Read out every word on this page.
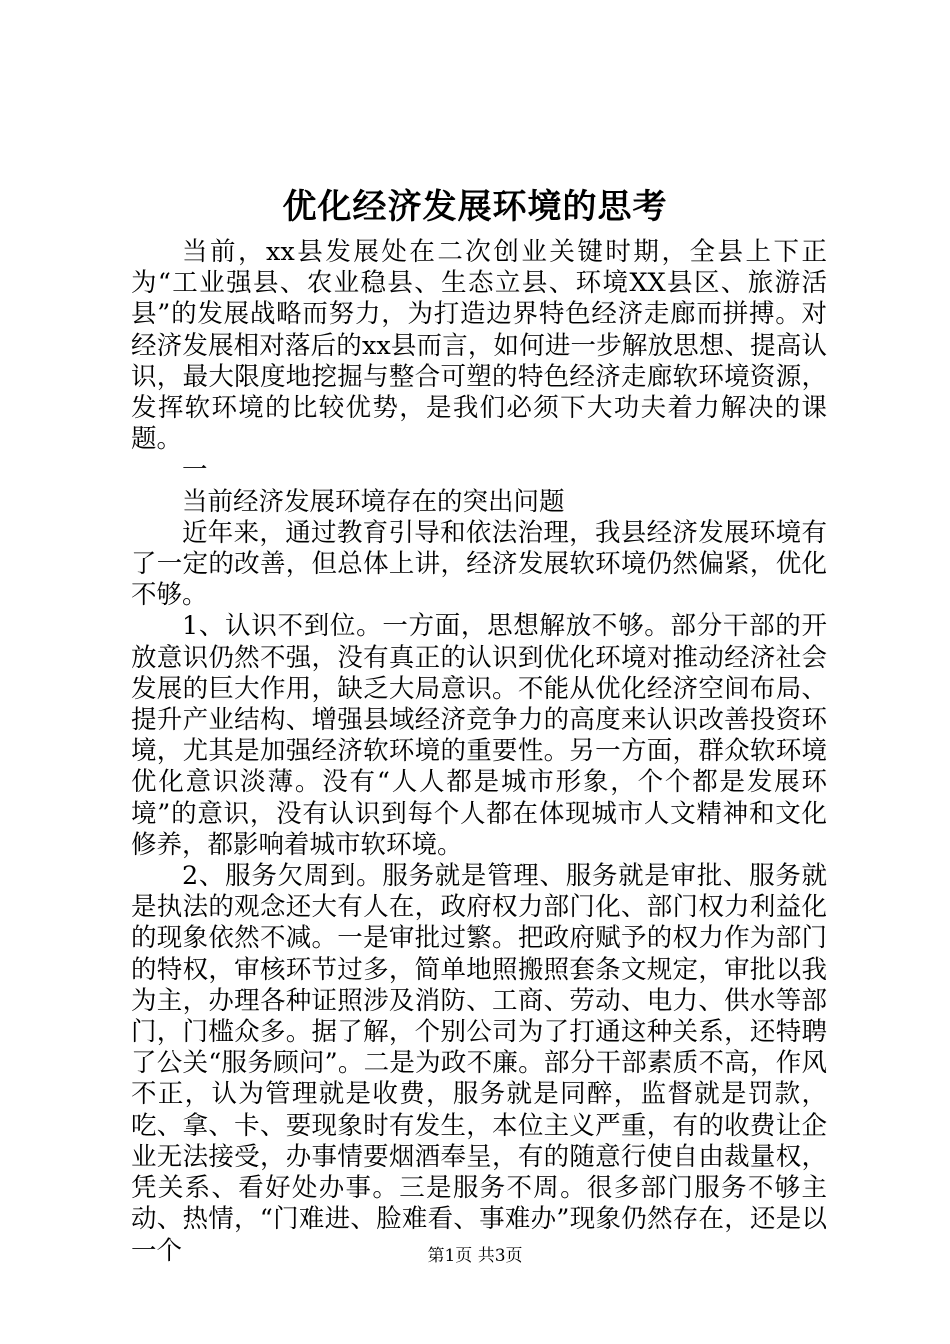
优化经济发展环境的思考

当前，xx县发展处在二次创业关键时期，全县上下正为“工业强县、农业稳县、生态立县、环境XX县区、旅游活县”的发展战略而努力，为打造边界特色经济走廊而拼搏。对经济发展相对落后的xx县而言，如何进一步解放思想、提高认识，最大限度地挖掘与整合可塑的特色经济走廊软环境资源，发挥软环境的比较优势，是我们必须下大功夫着力解决的课题。

一

当前经济发展环境存在的突出问题

近年来，通过教育引导和依法治理，我县经济发展环境有了一定的改善，但总体上讲，经济发展软环境仍然偏紧，优化不够。

1、认识不到位。一方面，思想解放不够。部分干部的开放意识仍然不强，没有真正的认识到优化环境对推动经济社会发展的巨大作用，缺乏大局意识。不能从优化经济空间布局、提升产业结构、增强县域经济竞争力的高度来认识改善投资环境，尤其是加强经济软环境的重要性。另一方面，群众软环境优化意识淡薄。没有“人人都是城市形象，个个都是发展环境”的意识，没有认识到每个人都在体现城市人文精神和文化修养，都影响着城市软环境。

2、服务欠周到。服务就是管理、服务就是审批、服务就是执法的观念还大有人在，政府权力部门化、部门权力利益化的现象依然不减。一是审批过繁。把政府赋予的权力作为部门的特权，审核环节过多，简单地照搬照套条文规定，审批以我为主，办理各种证照涉及消防、工商、劳动、电力、供水等部门，门槛众多。据了解，个别公司为了打通这种关系，还特聘了公关“服务顾问”。二是为政不廉。部分干部素质不高，作风不正，认为管理就是收费，服务就是同醉，监督就是罚款，吃、拿、卡、要现象时有发生，本位主义严重，有的收费让企业无法接受，办事情要烟酒奉呈，有的随意行使自由裁量权，凭关系、看好处办事。三是服务不周。很多部门服务不够主动、热情，“门难进、脸难看、事难办”现象仍然存在，还是以一个	第1页 共3页
